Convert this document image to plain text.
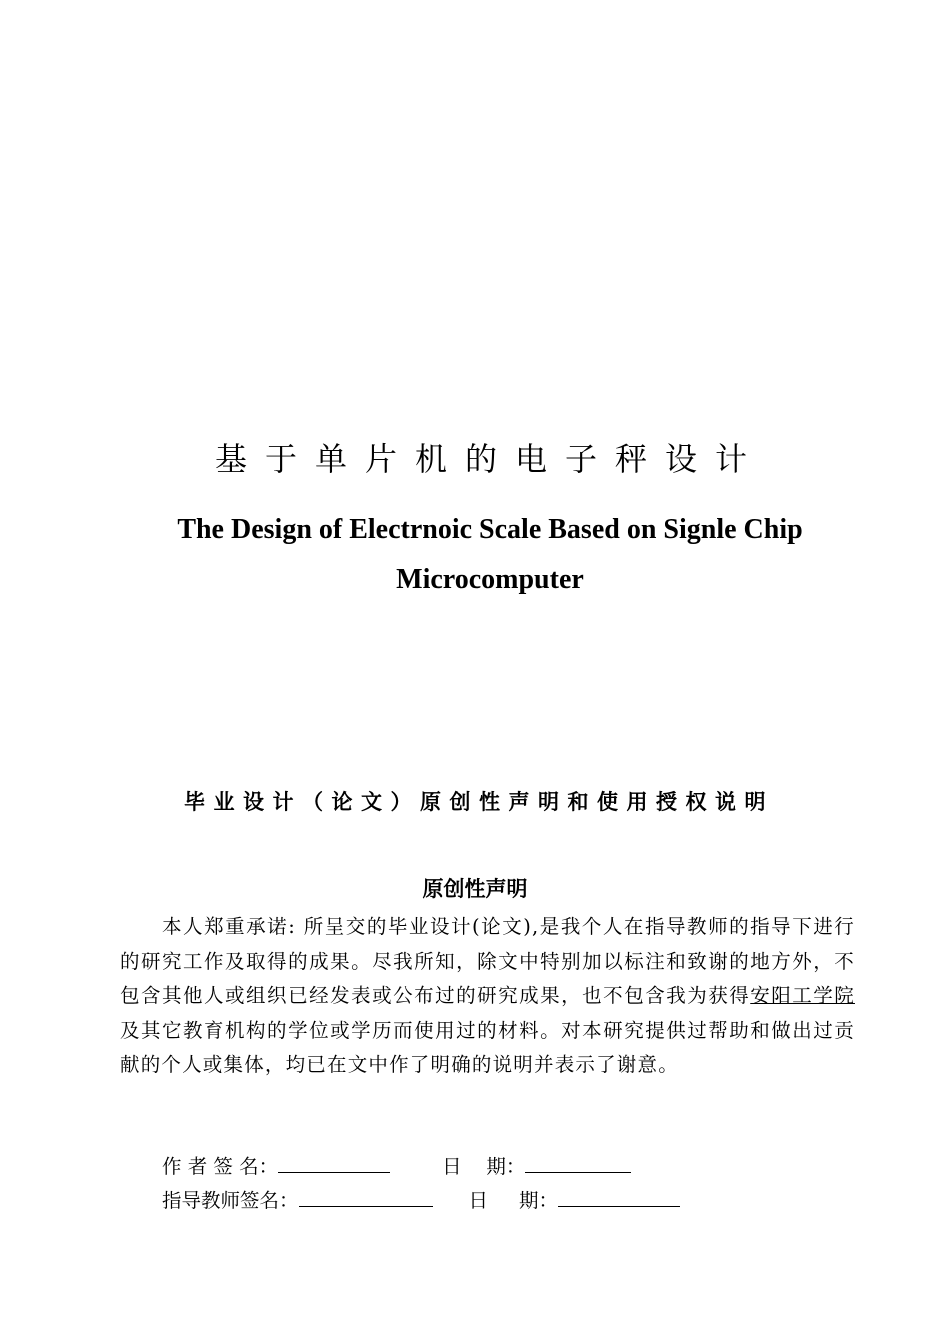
基于单片机的电子秤设计
The Design of Electrnoic Scale Based on Signle Chip
Microcomputer
毕业设计（论文）原创性声明和使用授权说明
原创性声明
本人郑重承诺: 所呈交的毕业设计(论文),是我个人在指导教师的指导下进行的研究工作及取得的成果。尽我所知，除文中特别加以标注和致谢的地方外，不包含其他人或组织已经发表或公布过的研究成果，也不包含我为获得安阳工学院及其它教育机构的学位或学历而使用过的材料。对本研究提供过帮助和做出过贡献的个人或集体，均已在文中作了明确的说明并表示了谢意。
作 者 签 名：	日    期：
指导教师签名：	日     期：
